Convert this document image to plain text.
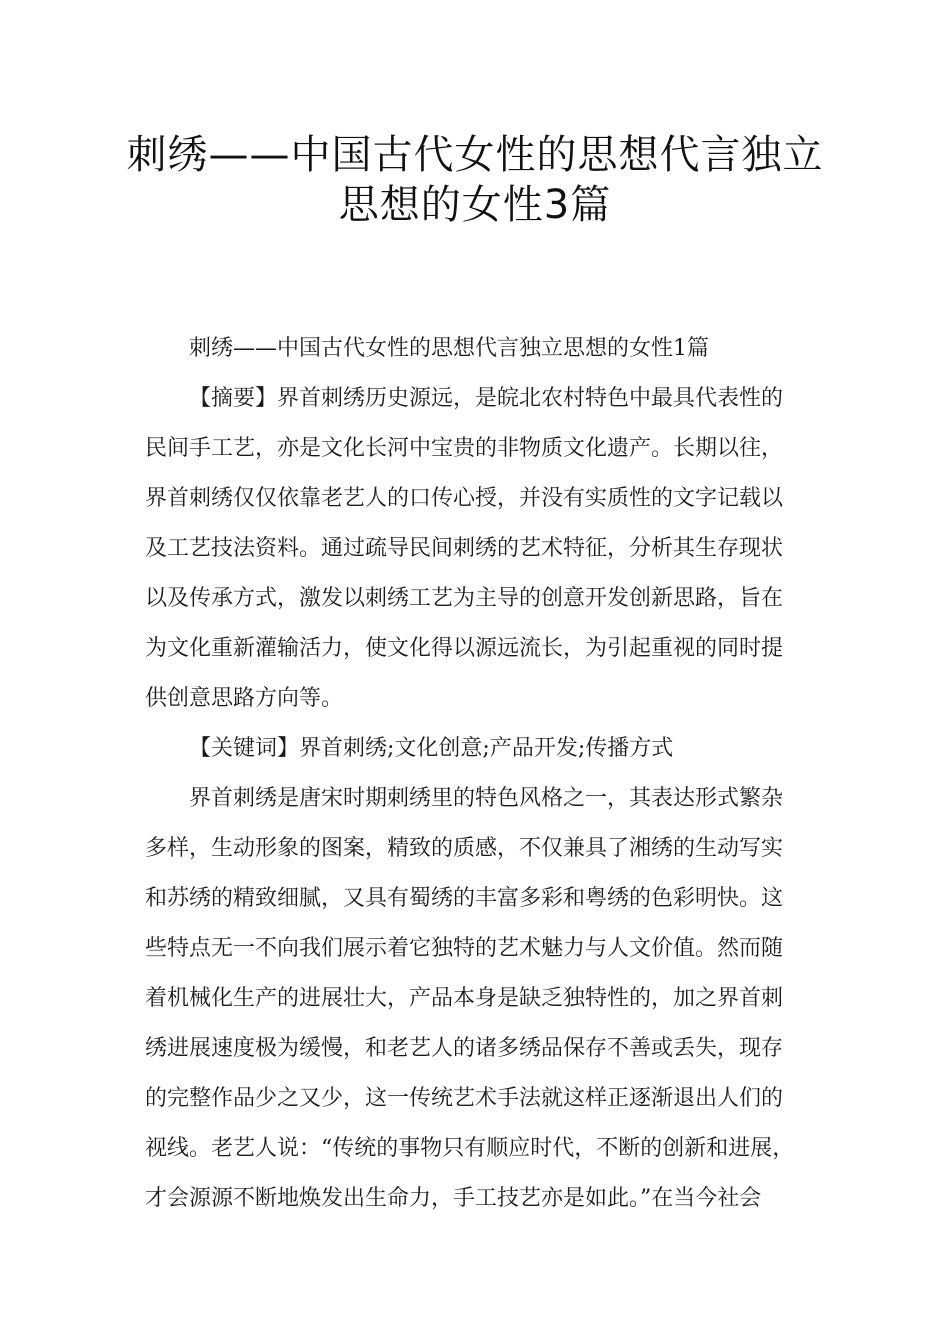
刺绣——中国古代女性的思想代言独立
思想的女性3篇
刺绣——中国古代女性的思想代言独立思想的女性1篇
【摘要】界首刺绣历史源远，是皖北农村特色中最具代表性的
民间手工艺，亦是文化长河中宝贵的非物质文化遗产。长期以往，
界首刺绣仅仅依靠老艺人的口传心授，并没有实质性的文字记载以
及工艺技法资料。通过疏导民间刺绣的艺术特征，分析其生存现状
以及传承方式，激发以刺绣工艺为主导的创意开发创新思路，旨在
为文化重新灌输活力，使文化得以源远流长，为引起重视的同时提
供创意思路方向等。
【关键词】界首刺绣;文化创意;产品开发;传播方式
界首刺绣是唐宋时期刺绣里的特色风格之一，其表达形式繁杂
多样，生动形象的图案，精致的质感，不仅兼具了湘绣的生动写实
和苏绣的精致细腻，又具有蜀绣的丰富多彩和粤绣的色彩明快。这
些特点无一不向我们展示着它独特的艺术魅力与人文价值。然而随
着机械化生产的进展壮大，产品本身是缺乏独特性的，加之界首刺
绣进展速度极为缓慢，和老艺人的诸多绣品保存不善或丢失，现存
的完整作品少之又少，这一传统艺术手法就这样正逐渐退出人们的
视线。老艺人说：“传统的事物只有顺应时代，不断的创新和进展，
才会源源不断地焕发出生命力，手工技艺亦是如此。”在当今社会
